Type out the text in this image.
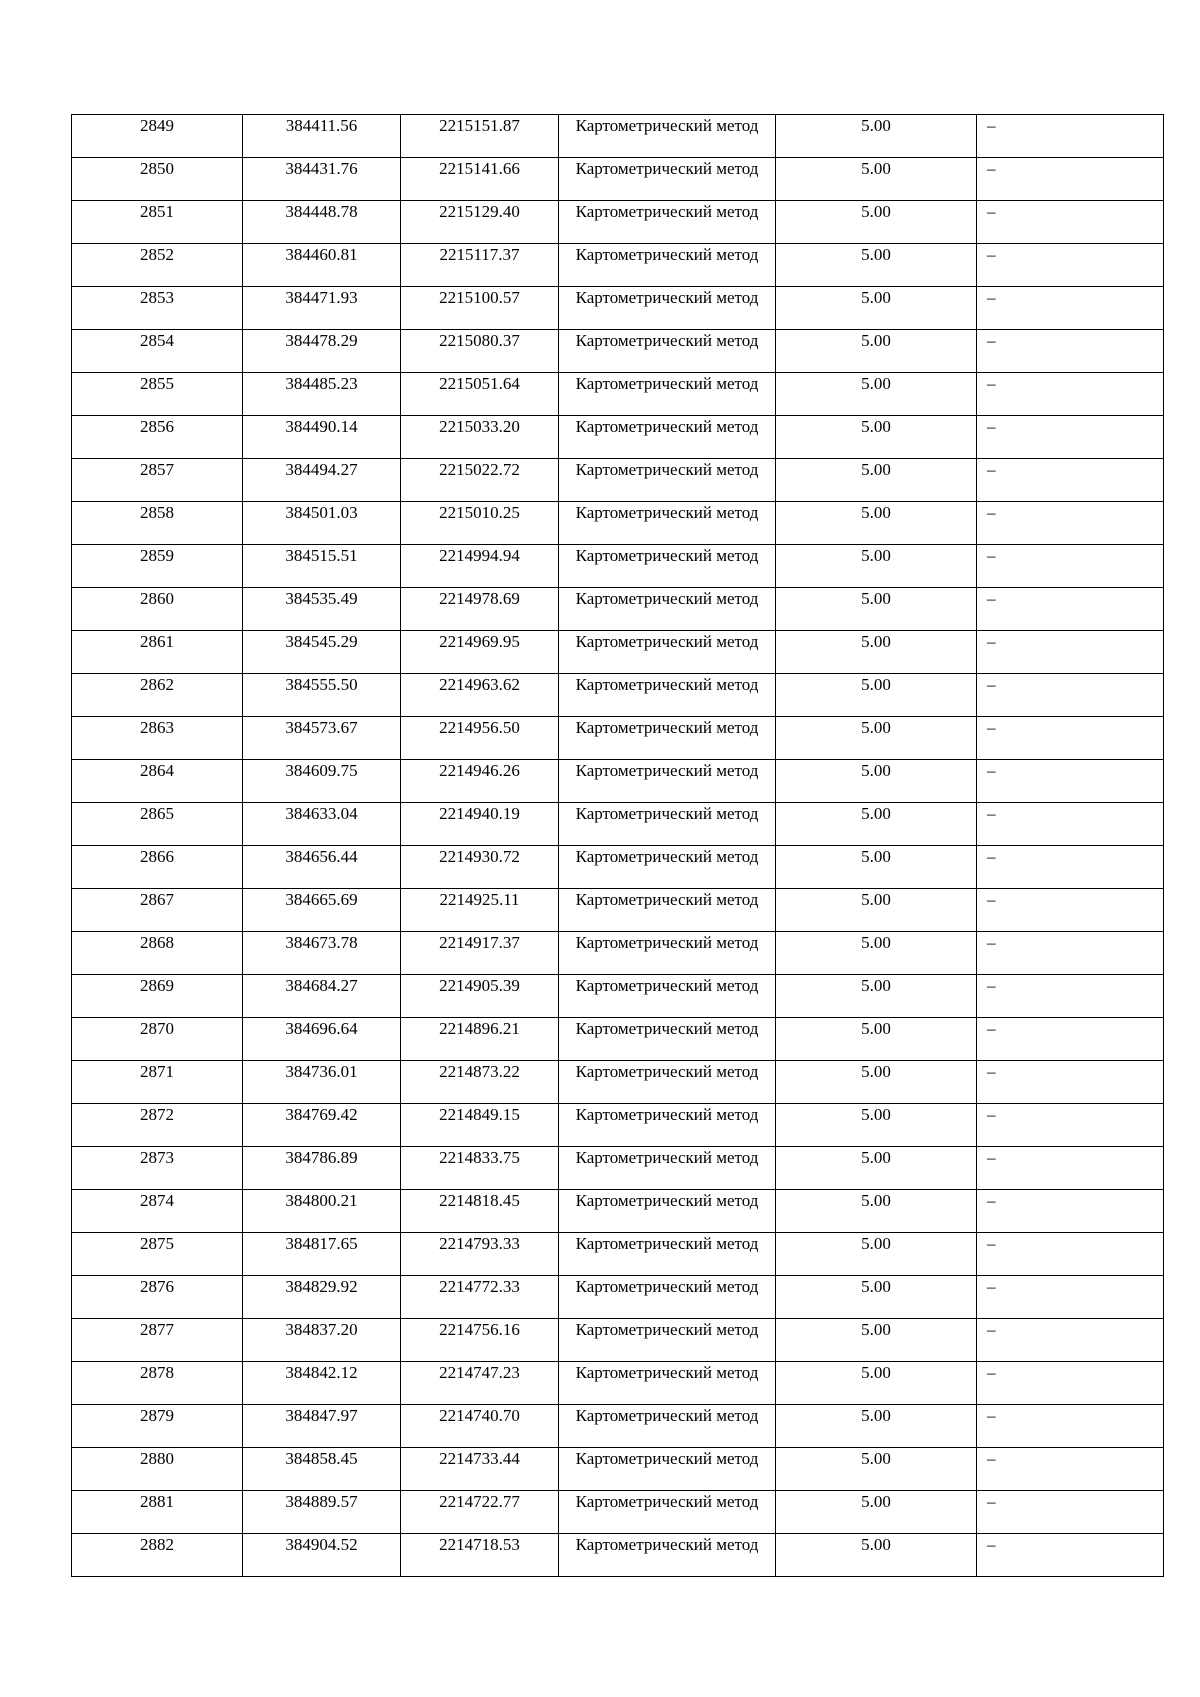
2849	384411.56	2215151.87	Картометрический метод	5.00	–

2850	384431.76	2215141.66	Картометрический метод	5.00	–

2851	384448.78	2215129.40	Картометрический метод	5.00	–

2852	384460.81	2215117.37	Картометрический метод	5.00	–

2853	384471.93	2215100.57	Картометрический метод	5.00	–

2854	384478.29	2215080.37	Картометрический метод	5.00	–

2855	384485.23	2215051.64	Картометрический метод	5.00	–

2856	384490.14	2215033.20	Картометрический метод	5.00	–

2857	384494.27	2215022.72	Картометрический метод	5.00	–

2858	384501.03	2215010.25	Картометрический метод	5.00	–

2859	384515.51	2214994.94	Картометрический метод	5.00	–

2860	384535.49	2214978.69	Картометрический метод	5.00	–

2861	384545.29	2214969.95	Картометрический метод	5.00	–

2862	384555.50	2214963.62	Картометрический метод	5.00	–

2863	384573.67	2214956.50	Картометрический метод	5.00	–

2864	384609.75	2214946.26	Картометрический метод	5.00	–

2865	384633.04	2214940.19	Картометрический метод	5.00	–

2866	384656.44	2214930.72	Картометрический метод	5.00	–

2867	384665.69	2214925.11	Картометрический метод	5.00	–

2868	384673.78	2214917.37	Картометрический метод	5.00	–

2869	384684.27	2214905.39	Картометрический метод	5.00	–

2870	384696.64	2214896.21	Картометрический метод	5.00	–

2871	384736.01	2214873.22	Картометрический метод	5.00	–

2872	384769.42	2214849.15	Картометрический метод	5.00	–

2873	384786.89	2214833.75	Картометрический метод	5.00	–

2874	384800.21	2214818.45	Картометрический метод	5.00	–

2875	384817.65	2214793.33	Картометрический метод	5.00	–

2876	384829.92	2214772.33	Картометрический метод	5.00	–

2877	384837.20	2214756.16	Картометрический метод	5.00	–

2878	384842.12	2214747.23	Картометрический метод	5.00	–

2879	384847.97	2214740.70	Картометрический метод	5.00	–

2880	384858.45	2214733.44	Картометрический метод	5.00	–

2881	384889.57	2214722.77	Картометрический метод	5.00	–

2882	384904.52	2214718.53	Картометрический метод	5.00	–
